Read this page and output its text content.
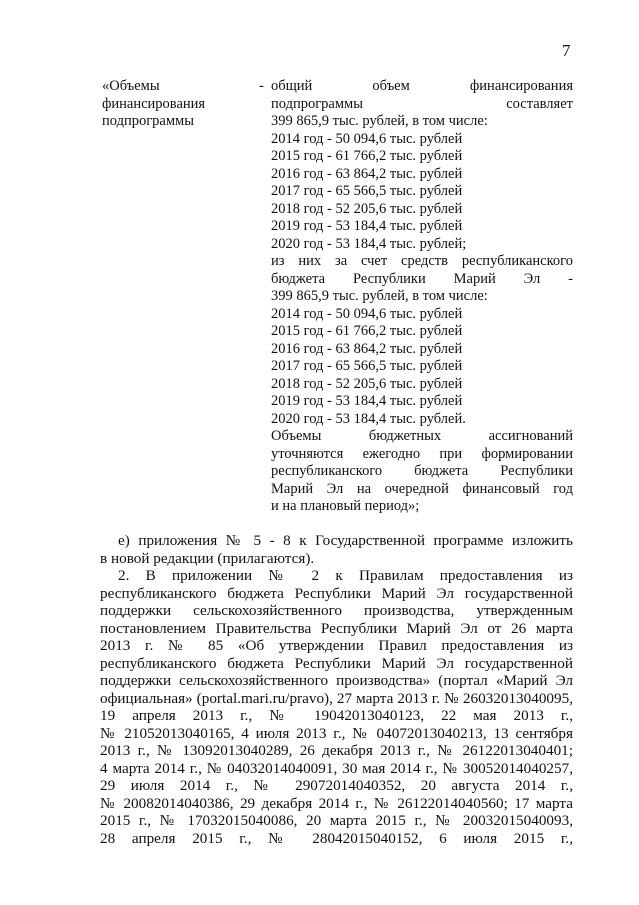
7
«Объемы
финансирования
подпрограммы
- общий объем финансирования
подпрограммы составляет
399 865,9 тыс. рублей, в том числе:
2014 год - 50 094,6 тыс. рублей
2015 год - 61 766,2 тыс. рублей
2016 год - 63 864,2 тыс. рублей
2017 год - 65 566,5 тыс. рублей
2018 год - 52 205,6 тыс. рублей
2019 год - 53 184,4 тыс. рублей
2020 год - 53 184,4 тыс. рублей;
из них за счет средств республиканского
бюджета Республики Марий Эл -
399 865,9 тыс. рублей, в том числе:
2014 год - 50 094,6 тыс. рублей
2015 год - 61 766,2 тыс. рублей
2016 год - 63 864,2 тыс. рублей
2017 год - 65 566,5 тыс. рублей
2018 год - 52 205,6 тыс. рублей
2019 год - 53 184,4 тыс. рублей
2020 год - 53 184,4 тыс. рублей.
Объемы бюджетных ассигнований
уточняются ежегодно при формировании
республиканского бюджета Республики
Марий Эл на очередной финансовый год
и на плановый период»;
е) приложения № 5 - 8 к Государственной программе изложить
в новой редакции (прилагаются).
2. В приложении № 2 к Правилам предоставления из
республиканского бюджета Республики Марий Эл государственной
поддержки сельскохозяйственного производства, утвержденным
постановлением Правительства Республики Марий Эл от 26 марта
2013 г. № 85 «Об утверждении Правил предоставления из
республиканского бюджета Республики Марий Эл государственной
поддержки сельскохозяйственного производства» (портал «Марий Эл
официальная» (portal.mari.ru/pravo), 27 марта 2013 г. № 26032013040095,
19 апреля 2013 г., № 19042013040123, 22 мая 2013 г.,
№ 21052013040165, 4 июля 2013 г., № 04072013040213, 13 сентября
2013 г., № 13092013040289, 26 декабря 2013 г., № 26122013040401;
4 марта 2014 г., № 04032014040091, 30 мая 2014 г., № 30052014040257,
29 июля 2014 г., № 29072014040352, 20 августа 2014 г.,
№ 20082014040386, 29 декабря 2014 г., № 26122014040560; 17 марта
2015 г., № 17032015040086, 20 марта 2015 г., № 20032015040093,
28 апреля 2015 г., № 28042015040152, 6 июля 2015 г.,
